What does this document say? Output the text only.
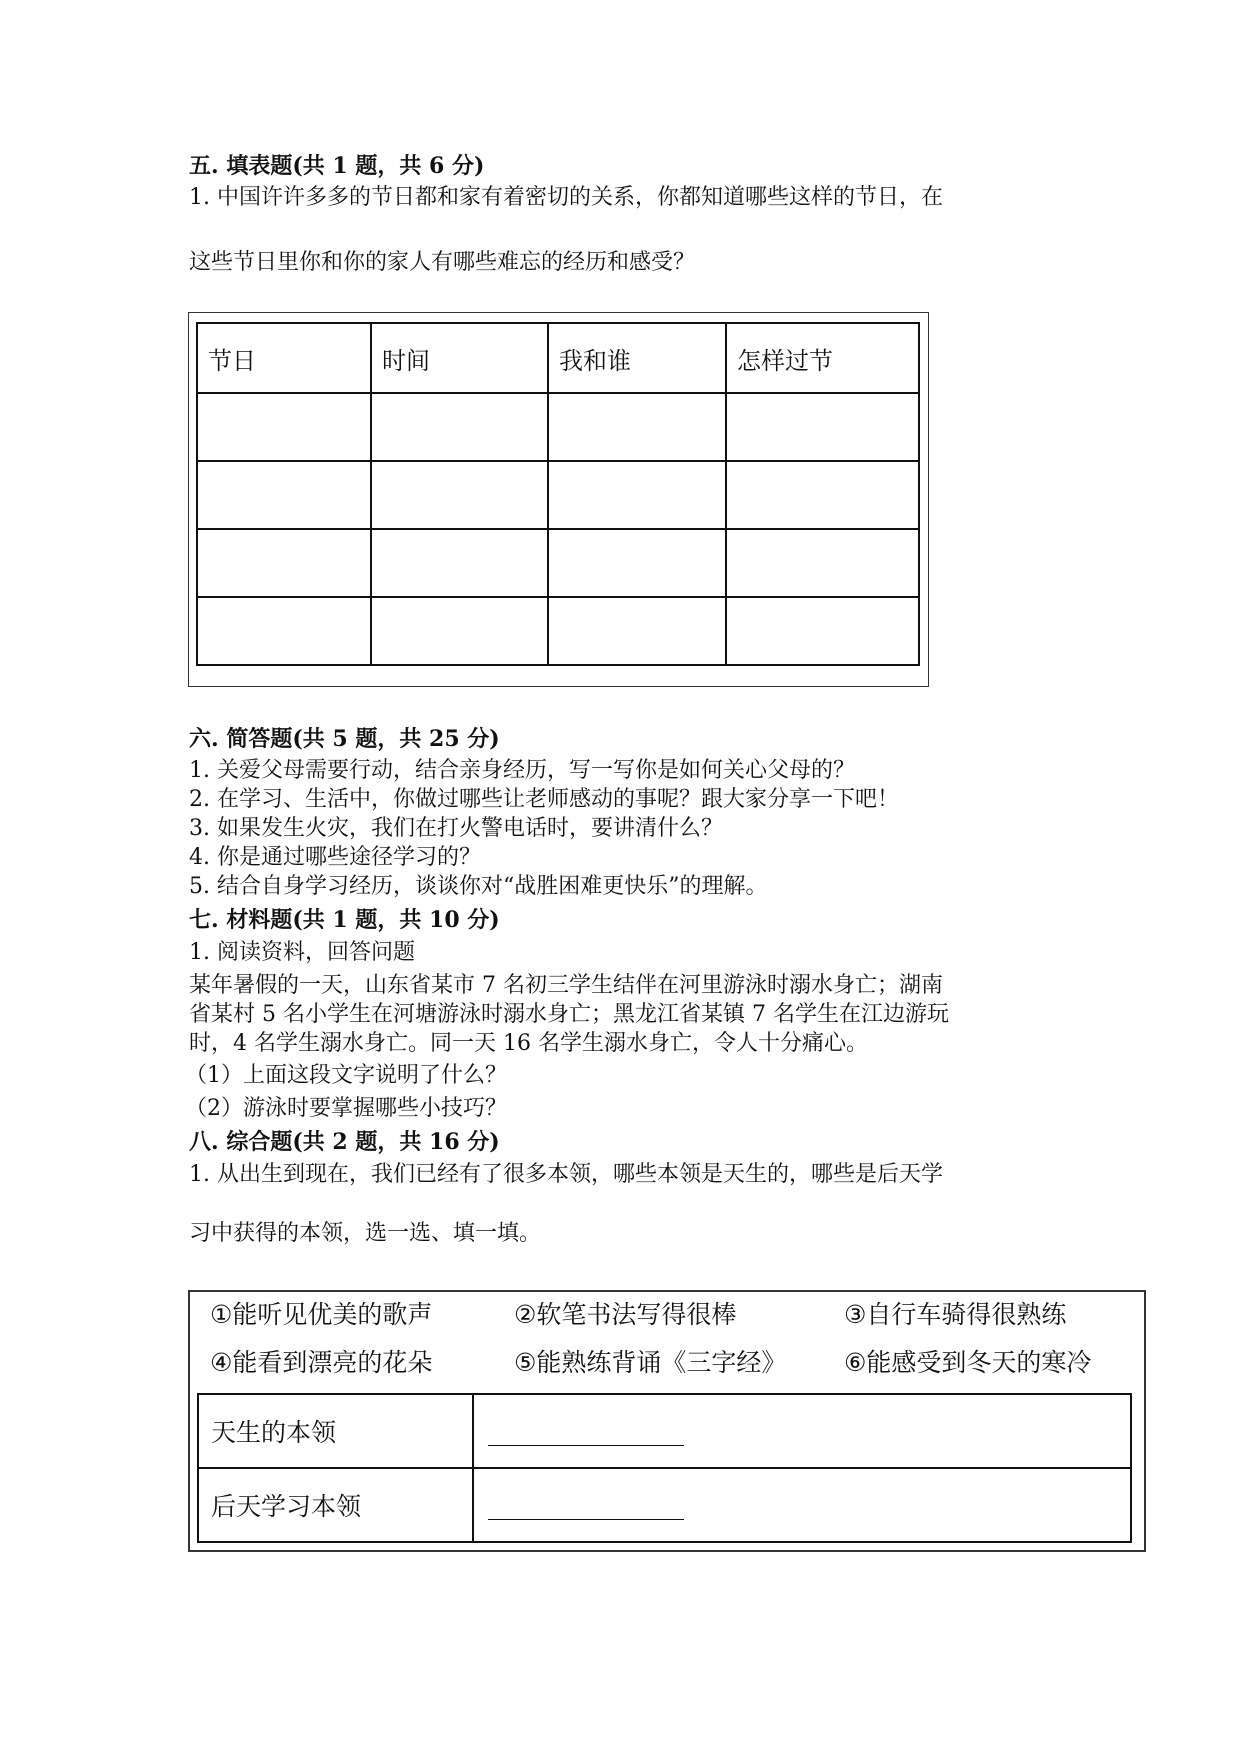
五. 填表题(共 1 题，共 6 分)
1. 中国许许多多的节日都和家有着密切的关系，你都知道哪些这样的节日，在
这些节日里你和你的家人有哪些难忘的经历和感受？
节日	时间	我和谁	怎样过节

六. 简答题(共 5 题，共 25 分)
1. 关爱父母需要行动，结合亲身经历，写一写你是如何关心父母的？
2. 在学习、生活中，你做过哪些让老师感动的事呢？跟大家分享一下吧！
3. 如果发生火灾，我们在打火警电话时，要讲清什么？
4. 你是通过哪些途径学习的？
5. 结合自身学习经历，谈谈你对“战胜困难更快乐”的理解。
七. 材料题(共 1 题，共 10 分)
1. 阅读资料，回答问题
某年暑假的一天，山东省某市 7 名初三学生结伴在河里游泳时溺水身亡；湖南
省某村 5 名小学生在河塘游泳时溺水身亡；黑龙江省某镇 7 名学生在江边游玩
时，4 名学生溺水身亡。同一天 16 名学生溺水身亡，令人十分痛心。
（1）上面这段文字说明了什么？
（2）游泳时要掌握哪些小技巧？
八. 综合题(共 2 题，共 16 分)
1. 从出生到现在，我们已经有了很多本领，哪些本领是天生的，哪些是后天学
习中获得的本领，选一选、填一填。
①能听见优美的歌声	②软笔书法写得很棒	③自行车骑得很熟练
④能看到漂亮的花朵	⑤能熟练背诵《三字经》 ⑥能感受到冬天的寒冷
天生的本领	
后天学习本领	
